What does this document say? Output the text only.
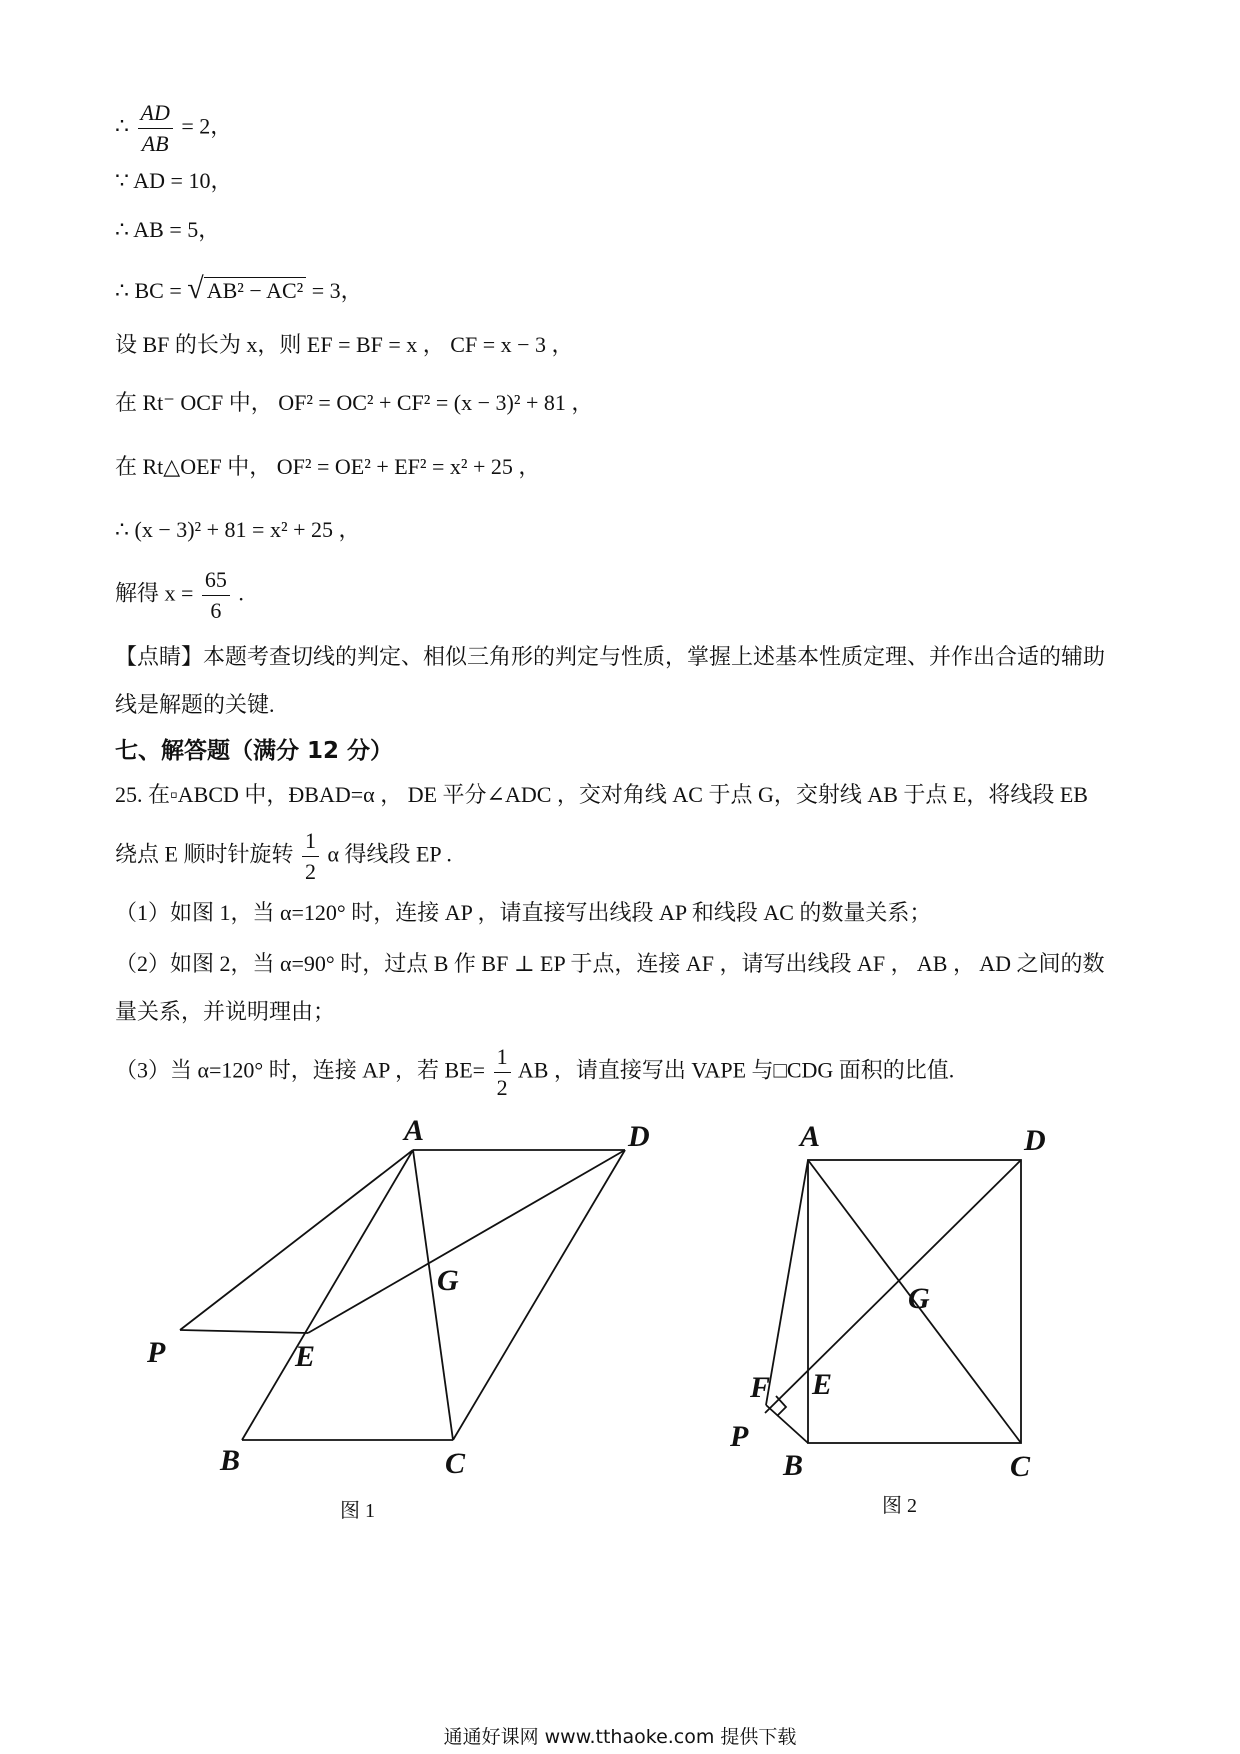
∴ $\frac{AD}{AB} = 2$，
∵ AD = 10，
∴ AB = 5，
∴ BC = √ AB² − AC² = 3，
设 BF 的长为 x，则 EF = BF = x ， CF = x − 3 ，
在 Rt⁻ OCF 中， OF² = OC² + CF² = (x − 3)² + 81 ，
在 Rt△OEF 中， OF² = OE² + EF² = x² + 25 ，
∴ (x − 3)² + 81 = x² + 25 ，
解得 $x = \frac{65}{6}$ .
【点睛】本题考查切线的判定、相似三角形的判定与性质，掌握上述基本性质定理、并作出合适的辅助线是解题的关键.
七、解答题（满分 12 分）
25. 在▫ABCD 中，ÐBAD=α ， DE 平分∠ADC ，交对角线 AC 于点 G，交射线 AB 于点 E，将线段 EB
绕点 E 顺时针旋转 $\frac{1}{2}$ α 得线段 EP .
（1）如图 1，当 α=120° 时，连接 AP ，请直接写出线段 AP 和线段 AC 的数量关系；
（2）如图 2，当 α=90° 时，过点 B 作 BF ⊥ EP 于点，连接 AF ，请写出线段 AF ， AB ， AD 之间的数量关系，并说明理由；
（3）当 α=120° 时，连接 AP ，若 $BE= \frac{1}{2}$ AB ，请直接写出 VAPE 与□CDG 面积的比值.
A	D
G
P	E
B	C
A	D
G
F E
P
B	C
图 1	图 2
通通好课网 www.tthaoke.com 提供下载
